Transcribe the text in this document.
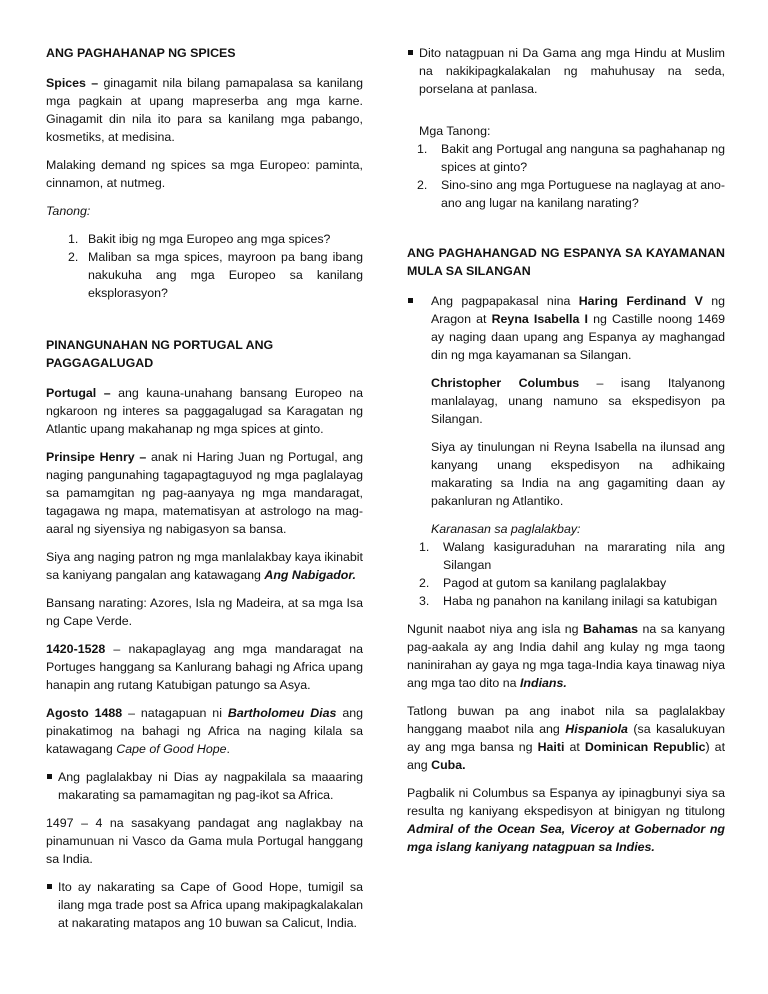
ANG PAGHAHANAP NG SPICES

Spices – ginagamit nila bilang pamapalasa sa kanilang mga pagkain at upang mapreserba ang mga karne. Ginagamit din nila ito para sa kanilang mga pabango, kosmetiks, at medisina.

Malaking demand ng spices sa mga Europeo: paminta, cinnamon, at nutmeg.

Tanong:

1. Bakit ibig ng mga Europeo ang mga spices?
2. Maliban sa mga spices, mayroon pa bang ibang nakukuha ang mga Europeo sa kanilang eksplorasyon?

PINANGUNAHAN NG PORTUGAL ANG PAGGAGALUGAD

Portugal – ang kauna-unahang bansang Europeo na ngkaroon ng interes sa paggagalugad sa Karagatan ng Atlantic upang makahanap ng mga spices at ginto.

Prinsipe Henry – anak ni Haring Juan ng Portugal, ang naging pangunahing tagapagtaguyod ng mga paglalayag sa pamamgitan ng pag-aanyaya ng mga mandaragat, tagagawa ng mapa, matematisyan at astrologo na mag-aaral ng siyensiya ng nabigasyon sa bansa.

Siya ang naging patron ng mga manlalakbay kaya ikinabit sa kaniyang pangalan ang katawagang Ang Nabigador.

Bansang narating: Azores, Isla ng Madeira, at sa mga Isa ng Cape Verde.

1420-1528 – nakapaglayag ang mga mandaragat na Portuges hanggang sa Kanlurang bahagi ng Africa upang hanapin ang rutang Katubigan patungo sa Asya.

Agosto 1488 – natagapuan ni Bartholomeu Dias ang pinakatimog na bahagi ng Africa na naging kilala sa katawagang Cape of Good Hope.

Ang paglalakbay ni Dias ay nagpakilala sa maaaring makarating sa pamamagitan ng pag-ikot sa Africa.

1497 – 4 na sasakyang pandagat ang naglakbay na pinamunuan ni Vasco da Gama mula Portugal hanggang sa India.

Ito ay nakarating sa Cape of Good Hope, tumigil sa ilang mga trade post sa Africa upang makipagkalakalan at nakarating matapos ang 10 buwan sa Calicut, India.
Dito natagpuan ni Da Gama ang mga Hindu at Muslim na nakikipagkalakalan ng mahuhusay na seda, porselana at panlasa.

Mga Tanong:

1. Bakit ang Portugal ang nanguna sa paghahanap ng spices at ginto?
2. Sino-sino ang mga Portuguese na naglayag at ano-ano ang lugar na kanilang narating?

ANG PAGHAHANGAD NG ESPANYA SA KAYAMANAN MULA SA SILANGAN

Ang pagpapakasal nina Haring Ferdinand V ng Aragon at Reyna Isabella I ng Castille noong 1469 ay naging daan upang ang Espanya ay maghangad din ng mga kayamanan sa Silangan.

Christopher Columbus – isang Italyanong manlalayag, unang namuno sa ekspedisyon pa Silangan.

Siya ay tinulungan ni Reyna Isabella na ilunsad ang kanyang unang ekspedisyon na adhikaing makarating sa India na ang gagamiting daan ay pakanluran ng Atlantiko.

Karanasan sa paglalakbay:

1. Walang kasiguraduhan na mararating nila ang Silangan
2. Pagod at gutom sa kanilang paglalakbay
3. Haba ng panahon na kanilang inilagi sa katubigan

Ngunit naabot niya ang isla ng Bahamas na sa kanyang pag-aakala ay ang India dahil ang kulay ng mga taong naninirahan ay gaya ng mga taga-India kaya tinawag niya ang mga tao dito na Indians.

Tatlong buwan pa ang inabot nila sa paglalakbay hanggang maabot nila ang Hispaniola (sa kasalukuyan ay ang mga bansa ng Haiti at Dominican Republic) at ang Cuba.

Pagbalik ni Columbus sa Espanya ay ipinagbunyi siya sa resulta ng kaniyang ekspedisyon at binigyan ng titulong Admiral of the Ocean Sea, Viceroy at Gobernador ng mga islang kaniyang natagpuan sa Indies.
